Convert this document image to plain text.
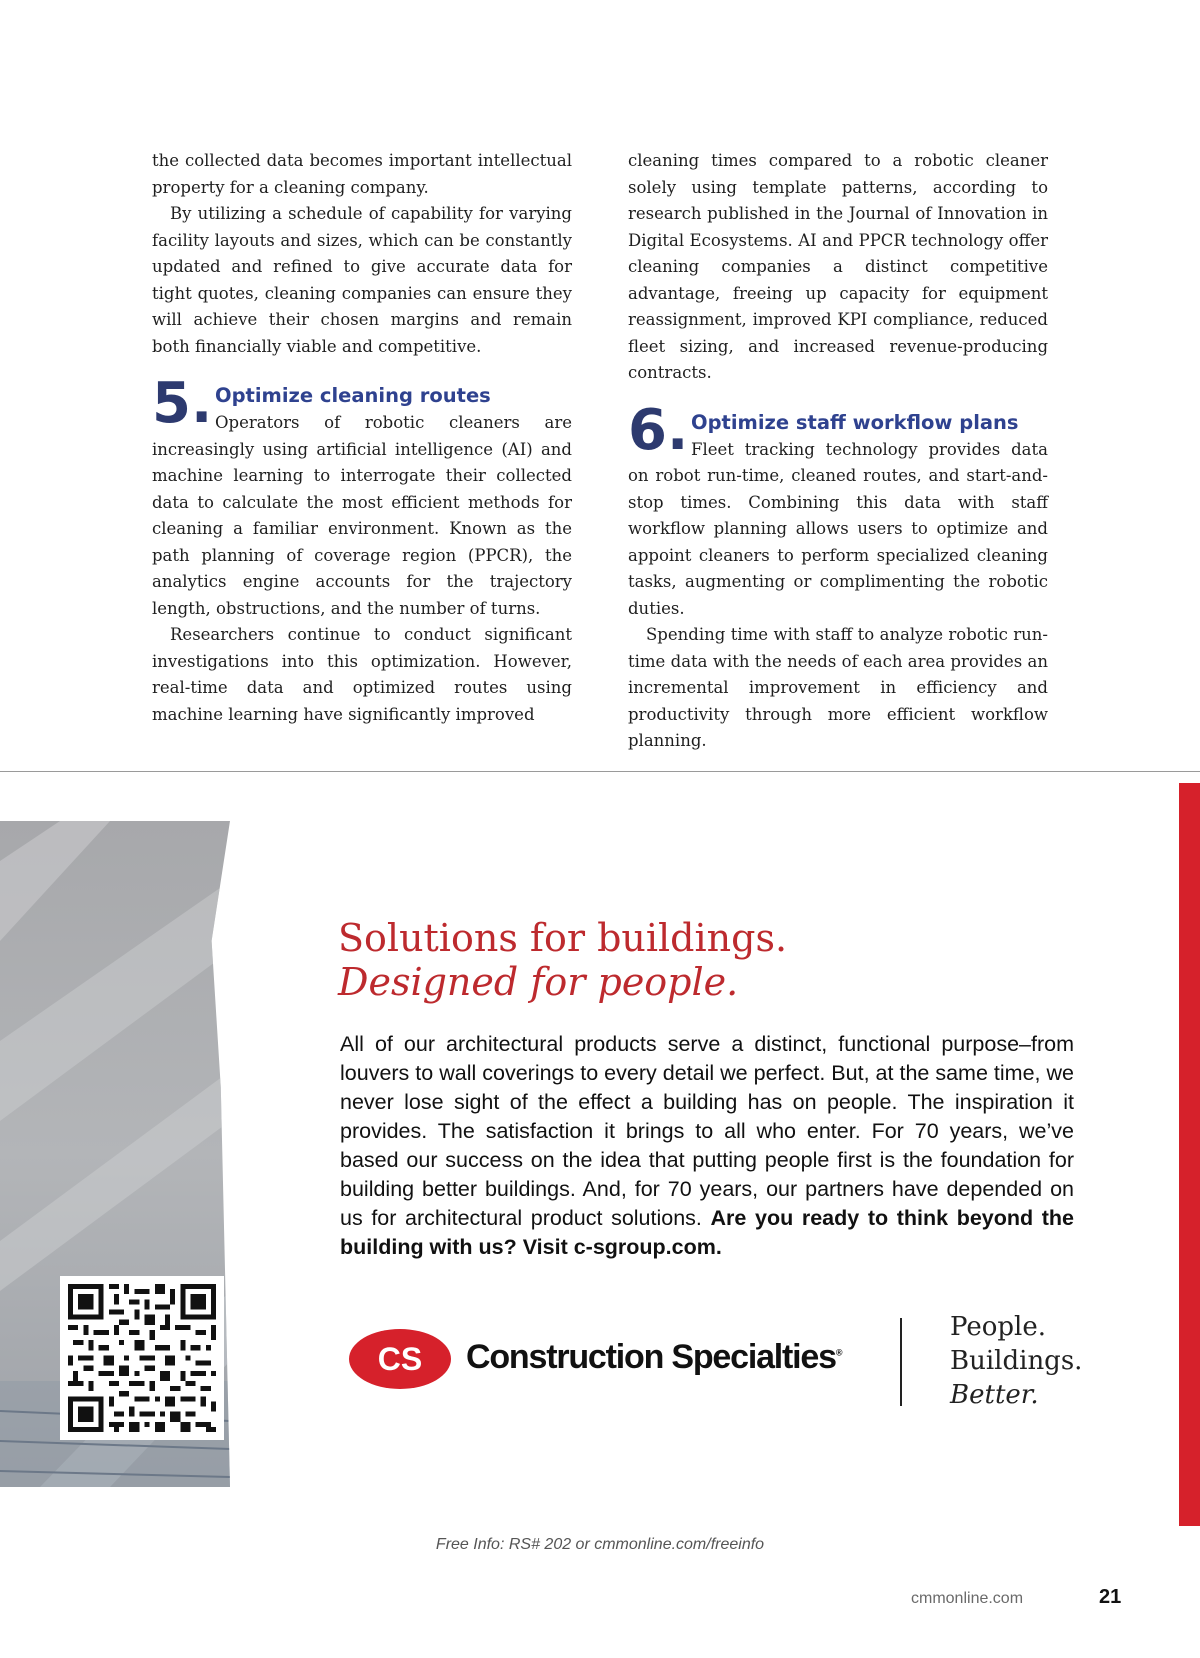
the collected data becomes important intellectual property for a cleaning company.

By utilizing a schedule of capability for varying facility layouts and sizes, which can be constantly updated and refined to give accurate data for tight quotes, cleaning companies can ensure they will achieve their chosen margins and remain both financially viable and competitive.

5. Optimize cleaning routes

Operators of robotic cleaners are increasingly using artificial intelligence (AI) and machine learning to interrogate their collected data to calculate the most efficient methods for cleaning a familiar environment. Known as the path planning of coverage region (PPCR), the analytics engine accounts for the trajectory length, obstructions, and the number of turns.

Researchers continue to conduct significant investigations into this optimization. However, real-time data and optimized routes using machine learning have significantly improved

cleaning times compared to a robotic cleaner solely using template patterns, according to research published in the Journal of Innovation in Digital Ecosystems. AI and PPCR technology offer cleaning companies a distinct competitive advantage, freeing up capacity for equipment reassignment, improved KPI compliance, reduced fleet sizing, and increased revenue-producing contracts.

6. Optimize staff workflow plans

Fleet tracking technology provides data on robot run-time, cleaned routes, and start-and-stop times. Combining this data with staff workflow planning allows users to optimize and appoint cleaners to perform specialized cleaning tasks, augmenting or complimenting the robotic duties.

Spending time with staff to analyze robotic run-time data with the needs of each area provides an incremental improvement in efficiency and productivity through more efficient workflow planning.

Solutions for buildings.
Designed for people.

All of our architectural products serve a distinct, functional purpose–from louvers to wall coverings to every detail we perfect. But, at the same time, we never lose sight of the effect a building has on people. The inspiration it provides. The satisfaction it brings to all who enter. For 70 years, we’ve based our success on the idea that putting people first is the foundation for building better buildings. And, for 70 years, our partners have depended on us for architectural product solutions. Are you ready to think beyond the building with us? Visit c-sgroup.com.

CS Construction Specialties®
People.
Buildings.
Better.
Free Info: RS# 202 or cmmonline.com/freeinfo
cmmonline.com	21
